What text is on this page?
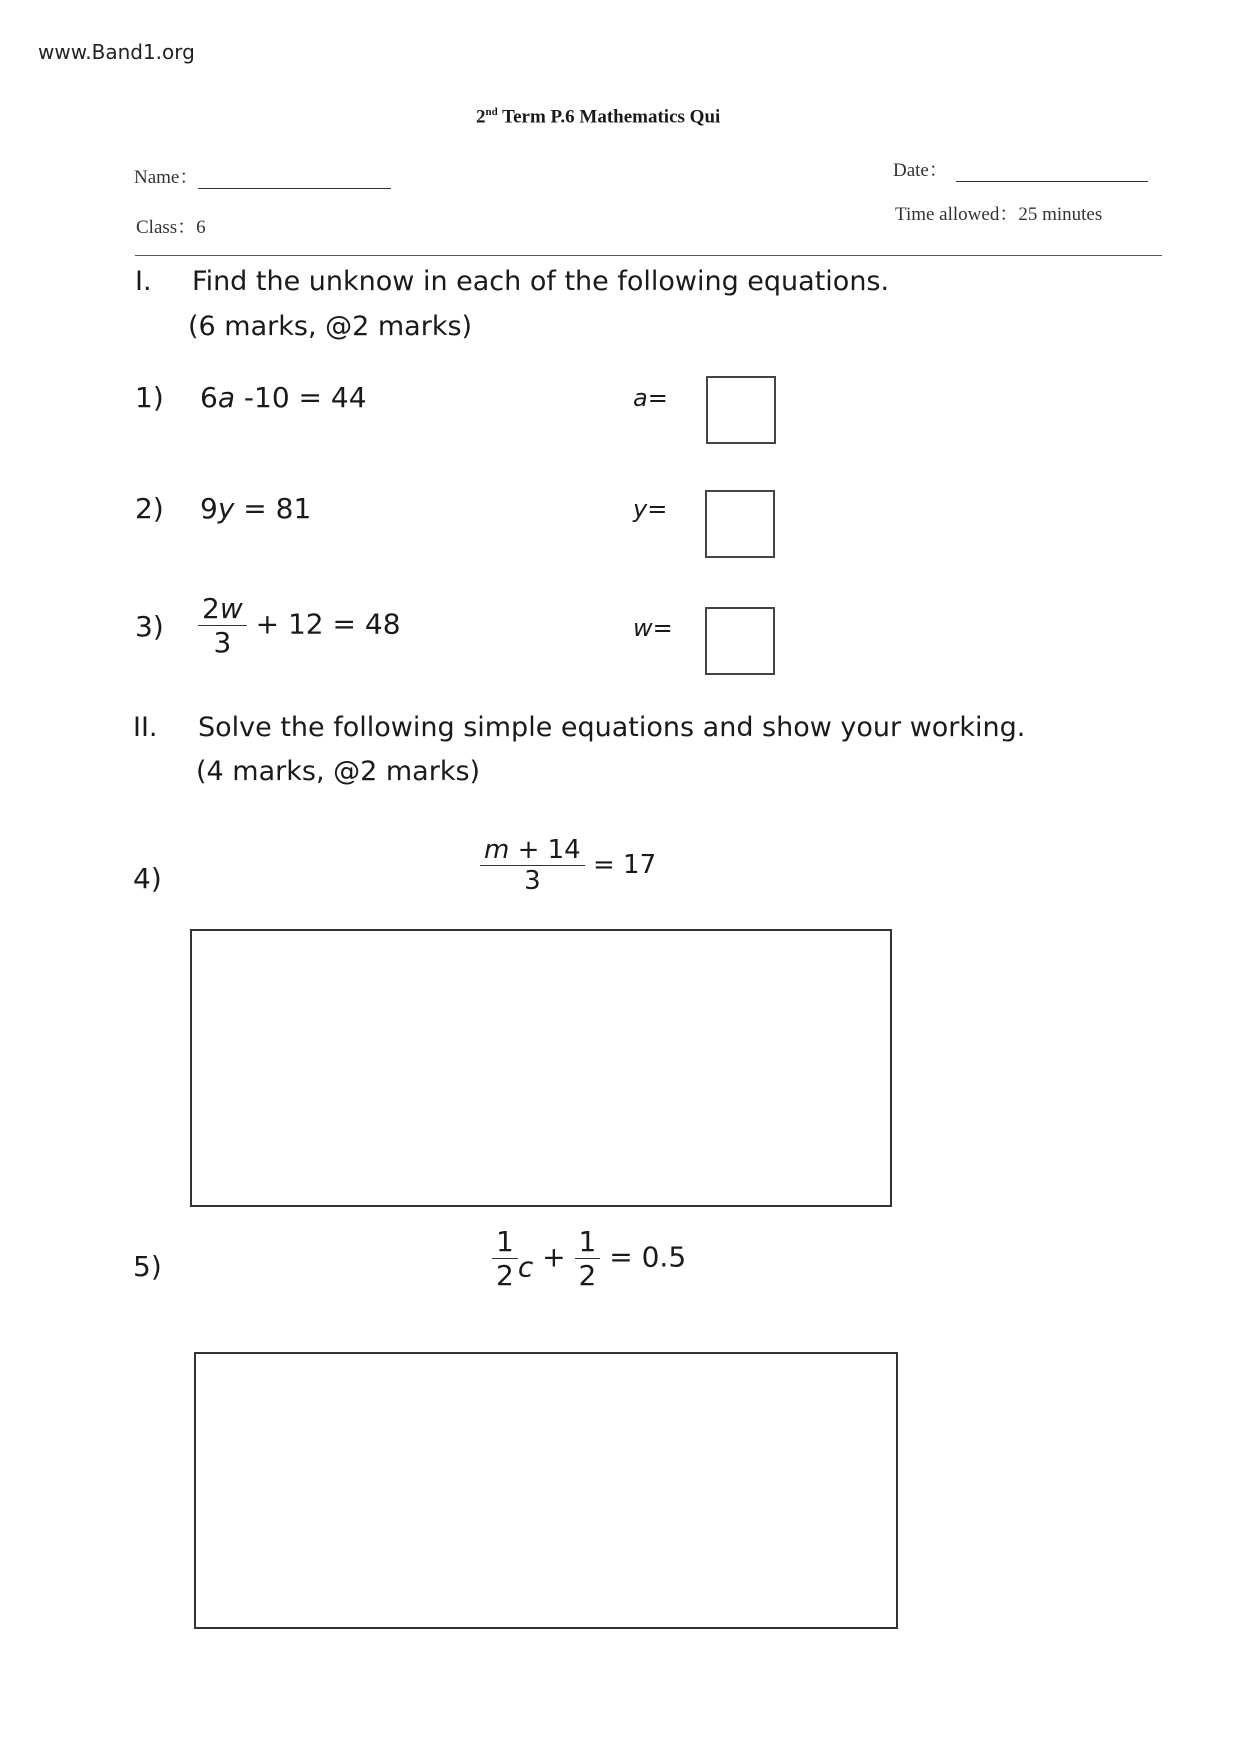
www.Band1.org
2nd Term P.6 Mathematics Qui
Name：	Date：
Class：6
Time allowed：25 minutes
I. Find the unknow in each of the following equations.
(6 marks, @2 marks)
1) 6a -10 = 44	a=
2) 9y = 81	y=
$3) \frac{2w}{3} + 12 = 48$	w=
II. Solve the following simple equations and show your working.
(4 marks, @2 marks)
4)	$\frac{m + 14}{3} = 17$
5)	$\frac{1}{2}$ $c + \frac{1}{2} = 0.5$
